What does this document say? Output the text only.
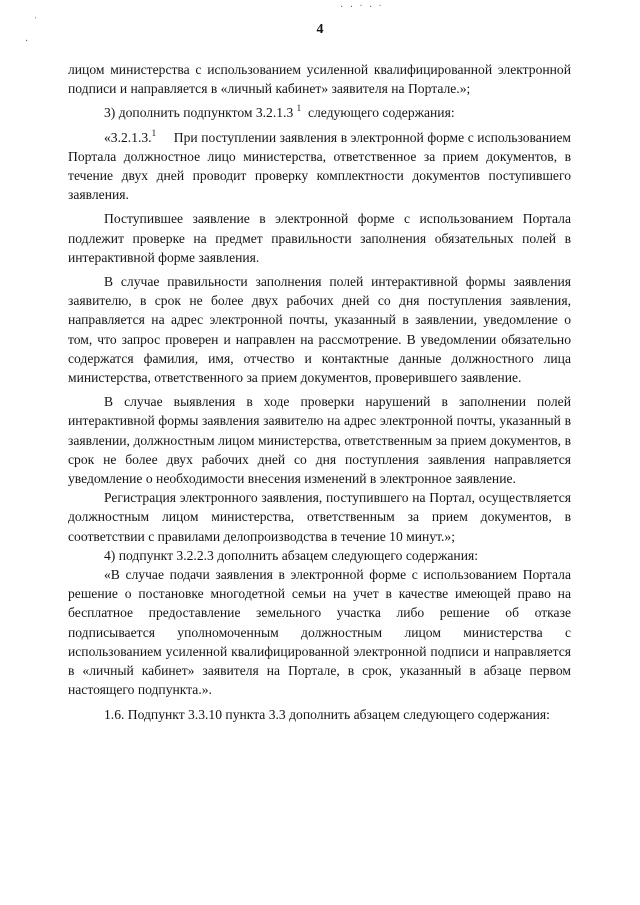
ˈ
·
· · ˑ · ˑ
4

лицом министерства с использованием усиленной квалифицированной электронной подписи и направляется в «личный кабинет» заявителя на Портале.»;

3) дополнить подпунктом 3.2.1.3 $^1$ следующего содержания:

«3.2.1.3.$^1$ При поступлении заявления в электронной форме с использованием Портала должностное лицо министерства, ответственное за прием документов, в течение двух дней проводит проверку комплектности документов поступившего заявления.

Поступившее заявление в электронной форме с использованием Портала подлежит проверке на предмет правильности заполнения обязательных полей в интерактивной форме заявления.

В случае правильности заполнения полей интерактивной формы заявления заявителю, в срок не более двух рабочих дней со дня поступления заявления, направляется на адрес электронной почты, указанный в заявлении, уведомление о том, что запрос проверен и направлен на рассмотрение. В уведомлении обязательно содержатся фамилия, имя, отчество и контактные данные должностного лица министерства, ответственного за прием документов, проверившего заявление.

В случае выявления в ходе проверки нарушений в заполнении полей интерактивной формы заявления заявителю на адрес электронной почты, указанный в заявлении, должностным лицом министерства, ответственным за прием документов, в срок не более двух рабочих дней со дня поступления заявления направляется уведомление о необходимости внесения изменений в электронное заявление.

Регистрация электронного заявления, поступившего на Портал, осуществляется должностным лицом министерства, ответственным за прием документов, в соответствии с правилами делопроизводства в течение 10 минут.»;

4) подпункт 3.2.2.3 дополнить абзацем следующего содержания:

«В случае подачи заявления в электронной форме с использованием Портала решение о постановке многодетной семьи на учет в качестве имеющей право на бесплатное предоставление земельного участка либо решение об отказе подписывается уполномоченным должностным лицом министерства с использованием усиленной квалифицированной электронной подписи и направляется в «личный кабинет» заявителя на Портале, в срок, указанный в абзаце первом настоящего подпункта.».

1.6. Подпункт 3.3.10 пункта 3.3 дополнить абзацем следующего содержания:
